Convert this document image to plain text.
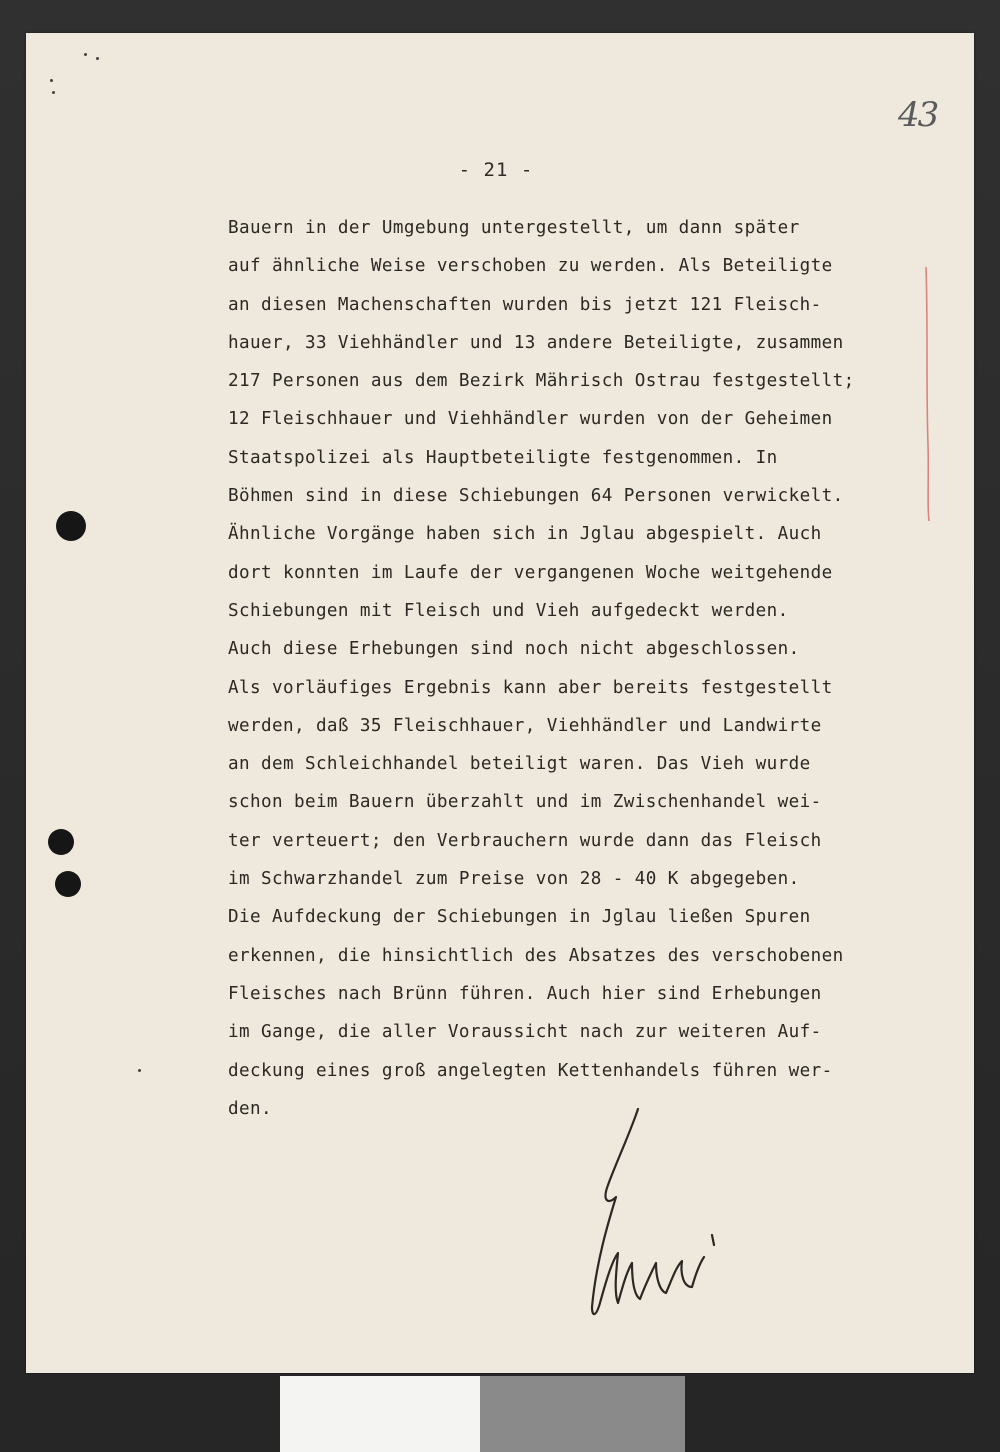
43
- 21 -
Bauern in der Umgebung untergestellt, um dann später
auf ähnliche Weise verschoben zu werden. Als Beteiligte
an diesen Machenschaften wurden bis jetzt 121 Fleisch-
hauer, 33 Viehhändler und 13 andere Beteiligte, zusammen
217 Personen aus dem Bezirk Mährisch Ostrau festgestellt;
12 Fleischhauer und Viehhändler wurden von der Geheimen
Staatspolizei als Hauptbeteiligte festgenommen. In
Böhmen sind in diese Schiebungen 64 Personen verwickelt.
Ähnliche Vorgänge haben sich in Jglau abgespielt. Auch
dort konnten im Laufe der vergangenen Woche weitgehende
Schiebungen mit Fleisch und Vieh aufgedeckt werden.
Auch diese Erhebungen sind noch nicht abgeschlossen.
Als vorläufiges Ergebnis kann aber bereits festgestellt
werden, daß 35 Fleischhauer, Viehhändler und Landwirte
an dem Schleichhandel beteiligt waren. Das Vieh wurde
schon beim Bauern überzahlt und im Zwischenhandel wei-
ter verteuert; den Verbrauchern wurde dann das Fleisch
im Schwarzhandel zum Preise von 28 - 40 K abgegeben.
Die Aufdeckung der Schiebungen in Jglau ließen Spuren
erkennen, die hinsichtlich des Absatzes des verschobenen
Fleisches nach Brünn führen. Auch hier sind Erhebungen
im Gange, die aller Voraussicht nach zur weiteren Auf-
deckung eines groß angelegten Kettenhandels führen wer-
den.
